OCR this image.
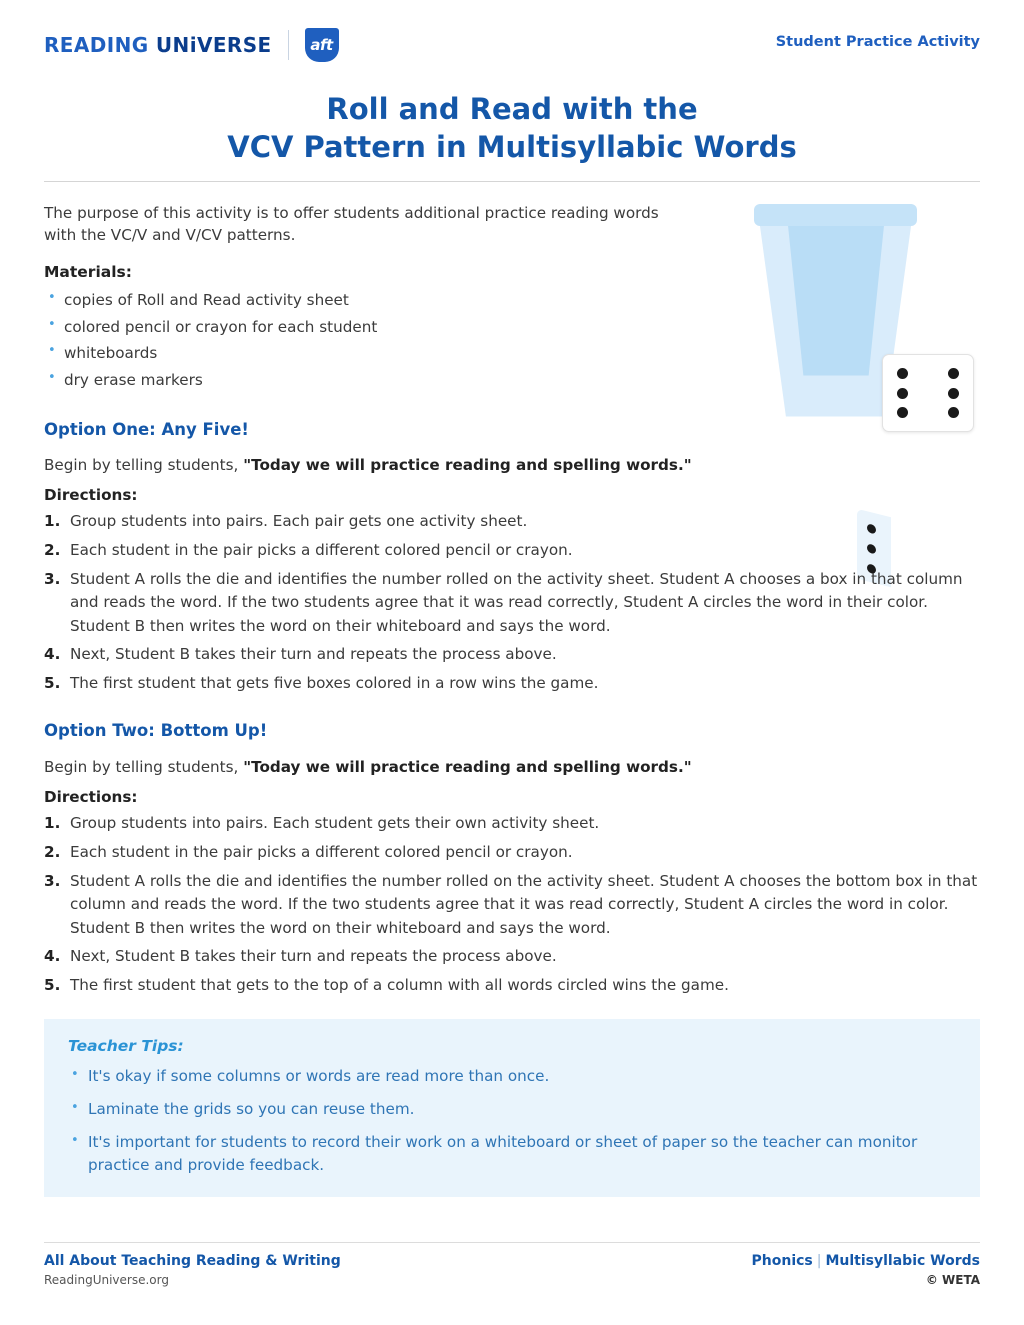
READING UNiVERSE	aft	Student Practice Activity
Roll and Read with the
VCV Pattern in Multisyllabic Words

The purpose of this activity is to offer students additional practice reading words with the VC/V and V/CV patterns.

Materials:
• copies of Roll and Read activity sheet
• colored pencil or crayon for each student
• whiteboards
• dry erase markers
Option One: Any Five!

Begin by telling students, "Today we will practice reading and spelling words."

Directions:
Group students into pairs. Each pair gets one activity sheet.
Each student in the pair picks a different colored pencil or crayon.
Student A rolls the die and identifies the number rolled on the activity sheet. Student A chooses a box in that column and reads the word. If the two students agree that it was read correctly, Student A circles the word in their color. Student B then writes the word on their whiteboard and says the word.
Next, Student B takes their turn and repeats the process above.
The first student that gets five boxes colored in a row wins the game.
Option Two: Bottom Up!

Begin by telling students, "Today we will practice reading and spelling words."

Directions:
Group students into pairs. Each student gets their own activity sheet.
Each student in the pair picks a different colored pencil or crayon.
Student A rolls the die and identifies the number rolled on the activity sheet. Student A chooses the bottom box in that column and reads the word. If the two students agree that it was read correctly, Student A circles the word in color. Student B then writes the word on their whiteboard and says the word.
Next, Student B takes their turn and repeats the process above.
The first student that gets to the top of a column with all words circled wins the game.
Teacher Tips:
• It's okay if some columns or words are read more than once.
• Laminate the grids so you can reuse them.
• It's important for students to record their work on a whiteboard or sheet of paper so the teacher can monitor practice and provide feedback.
All About Teaching Reading & Writing
ReadingUniverse.org
Phonics | Multisyllabic Words
© WETA
